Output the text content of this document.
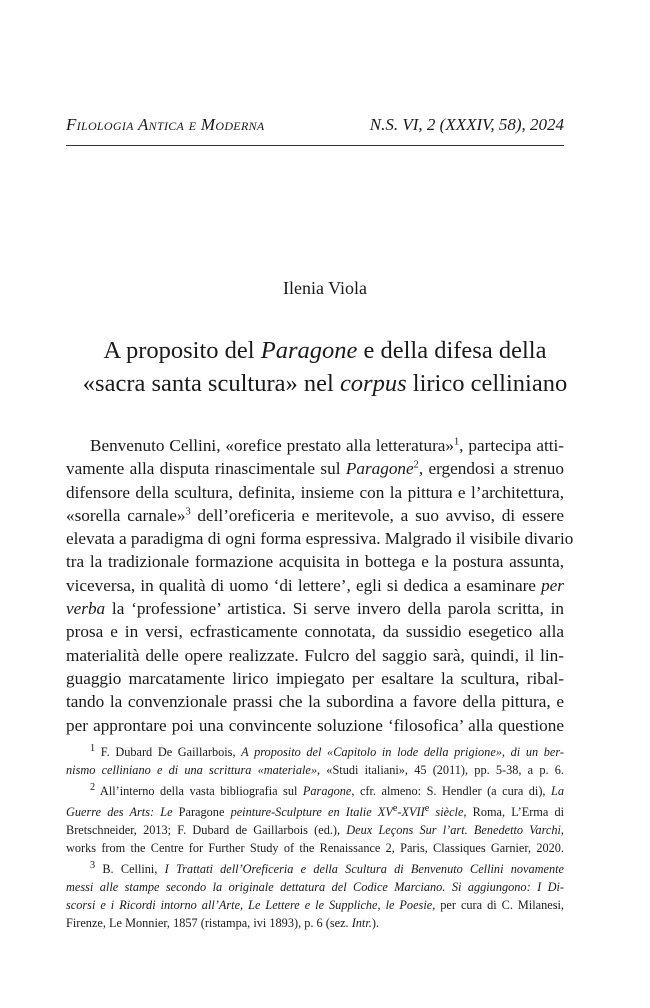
Filologia Antica e Moderna	N.S. VI, 2 (XXXIV, 58), 2024
Ilenia Viola
A proposito del Paragone e della difesa della
«sacra santa scultura» nel corpus lirico celliniano
Benvenuto Cellini, «orefice prestato alla letteratura»$^1$, partecipa atti-
vamente alla disputa rinascimentale sul Paragone$^2$, ergendosi a strenuo
difensore della scultura, definita, insieme con la pittura e l’architettura,
«sorella carnale»$^3$ dell’oreficeria e meritevole, a suo avviso, di essere
elevata a paradigma di ogni forma espressiva. Malgrado il visibile divario
tra la tradizionale formazione acquisita in bottega e la postura assunta,
viceversa, in qualità di uomo ‘di lettere’, egli si dedica a esaminare per
verba la ‘professione’ artistica. Si serve invero della parola scritta, in
prosa e in versi, ecfrasticamente connotata, da sussidio esegetico alla
materialità delle opere realizzate. Fulcro del saggio sarà, quindi, il lin-
guaggio marcatamente lirico impiegato per esaltare la scultura, ribal-
tando la convenzionale prassi che la subordina a favore della pittura, e
per approntare poi una convincente soluzione ‘filosofica’ alla questione
$^1$ F. Dubard De Gaillarbois, A proposito del «Capitolo in lode della prigione», di un ber-
nismo celliniano e di una scrittura «materiale», «Studi italiani», 45 (2011), pp. 5-38, a p. 6.
$^2$ All’interno della vasta bibliografia sul Paragone, cfr. almeno: S. Hendler (a cura di), La
Guerre des Arts: Le Paragone peinture-Sculpture en Italie XVe-XVIIe siècle, Roma, L’Erma di
Bretschneider, 2013; F. Dubard de Gaillarbois (ed.), Deux Leçons Sur l’art. Benedetto Varchi,
works from the Centre for Further Study of the Renaissance 2, Paris, Classiques Garnier, 2020.
$^3$ B. Cellini, I Trattati dell’Oreficeria e della Scultura di Benvenuto Cellini novamente
messi alle stampe secondo la originale dettatura del Codice Marciano. Si aggiungono: I Di-
scorsi e i Ricordi intorno all’Arte, Le Lettere e le Suppliche, le Poesie, per cura di C. Milanesi,
Firenze, Le Monnier, 1857 (ristampa, ivi 1893), p. 6 (sez. Intr.).
